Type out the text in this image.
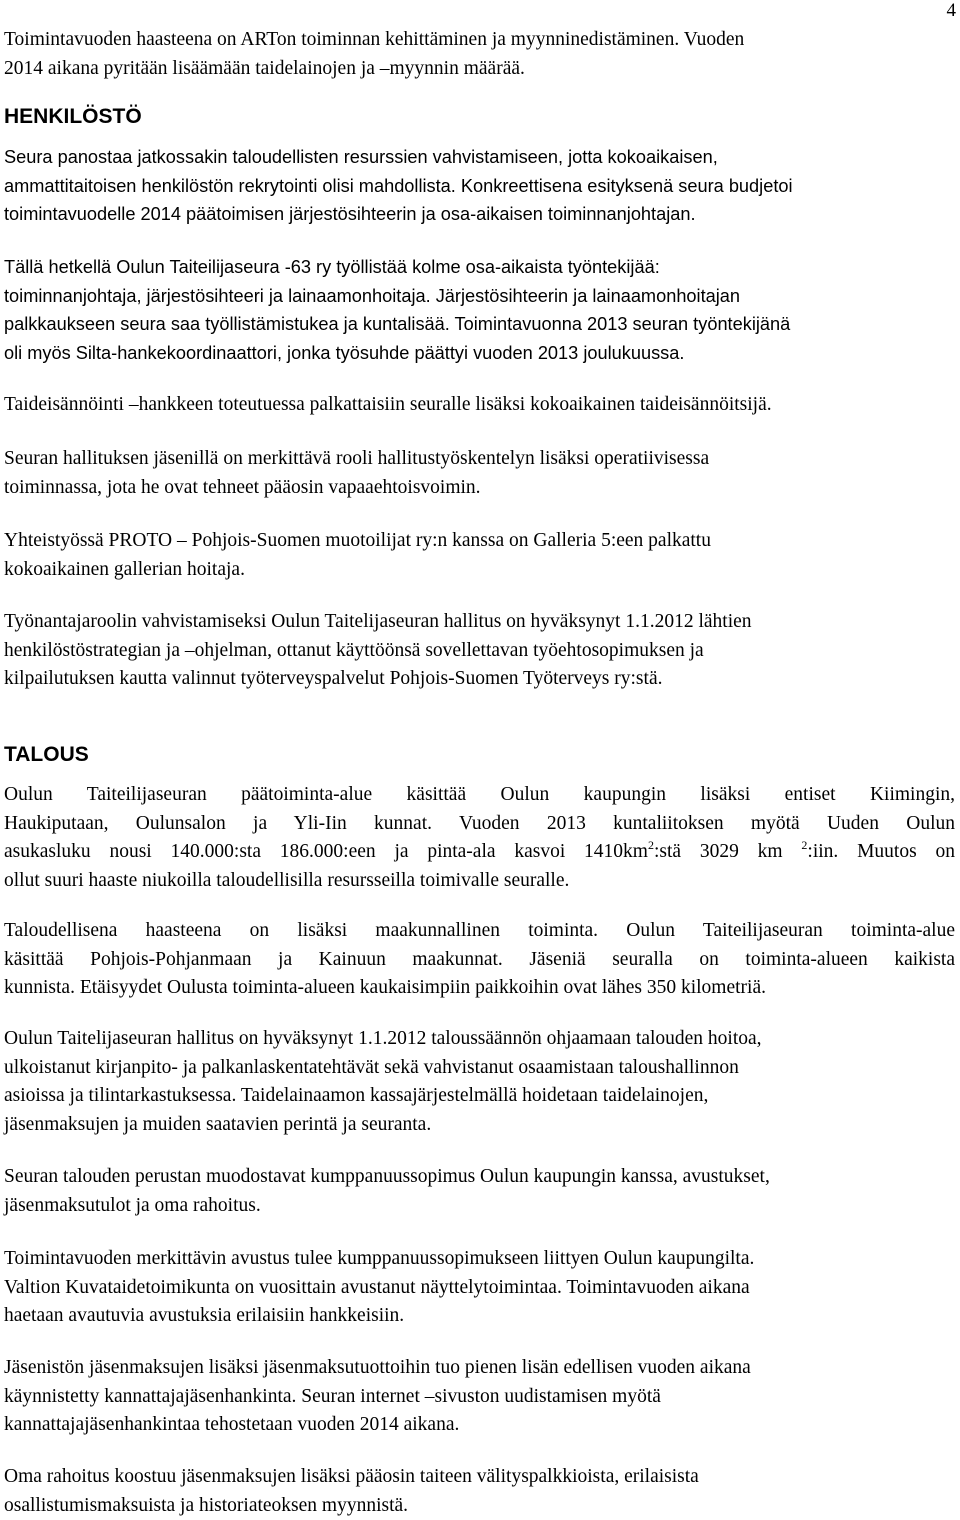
4
Toimintavuoden haasteena on ARTon toiminnan kehittäminen ja myynninedistäminen. Vuoden
2014 aikana pyritään lisäämään taidelainojen ja –myynnin määrää.
HENKILÖSTÖ
Seura panostaa jatkossakin taloudellisten resurssien vahvistamiseen, jotta kokoaikaisen,
ammattitaitoisen henkilöstön rekrytointi olisi mahdollista. Konkreettisena esityksenä seura budjetoi
toimintavuodelle 2014 päätoimisen järjestösihteerin ja osa-aikaisen toiminnanjohtajan.
Tällä hetkellä Oulun Taiteilijaseura -63 ry työllistää kolme osa-aikaista työntekijää:
toiminnanjohtaja, järjestösihteeri ja lainaamonhoitaja. Järjestösihteerin ja lainaamonhoitajan
palkkaukseen seura saa työllistämistukea ja kuntalisää. Toimintavuonna 2013 seuran työntekijänä
oli myös Silta-hankekoordinaattori, jonka työsuhde päättyi vuoden 2013 joulukuussa.
Taideisännöinti –hankkeen toteutuessa palkattaisiin seuralle lisäksi kokoaikainen taideisännöitsijä.
Seuran hallituksen jäsenillä on merkittävä rooli hallitustyöskentelyn lisäksi operatiivisessa
toiminnassa, jota he ovat tehneet pääosin vapaaehtoisvoimin.
Yhteistyössä PROTO – Pohjois-Suomen muotoilijat ry:n kanssa on Galleria 5:een palkattu
kokoaikainen gallerian hoitaja.
Työnantajaroolin vahvistamiseksi Oulun Taitelijaseuran hallitus on hyväksynyt 1.1.2012 lähtien
henkilöstöstrategian ja –ohjelman, ottanut käyttöönsä sovellettavan työehtosopimuksen ja
kilpailutuksen kautta valinnut työterveyspalvelut Pohjois-Suomen Työterveys ry:stä.
TALOUS
Oulun Taiteilijaseuran päätoiminta-alue käsittää Oulun kaupungin lisäksi entiset Kiimingin,
Haukiputaan, Oulunsalon ja Yli-Iin kunnat. Vuoden 2013 kuntaliitoksen myötä Uuden Oulun
asukasluku nousi 140.000:sta 186.000:een ja pinta-ala kasvoi $1410km^2:stä$ 3029 km $^2$:iin. Muutos on
ollut suuri haaste niukoilla taloudellisilla resursseilla toimivalle seuralle.
Taloudellisena haasteena on lisäksi maakunnallinen toiminta. Oulun Taiteilijaseuran toiminta-alue
käsittää Pohjois-Pohjanmaan ja Kainuun maakunnat. Jäseniä seuralla on toiminta-alueen kaikista
kunnista. Etäisyydet Oulusta toiminta-alueen kaukaisimpiin paikkoihin ovat lähes 350 kilometriä.
Oulun Taitelijaseuran hallitus on hyväksynyt 1.1.2012 taloussäännön ohjaamaan talouden hoitoa,
ulkoistanut kirjanpito- ja palkanlaskentatehtävät sekä vahvistanut osaamistaan taloushallinnon
asioissa ja tilintarkastuksessa. Taidelainaamon kassajärjestelmällä hoidetaan taidelainojen,
jäsenmaksujen ja muiden saatavien perintä ja seuranta.
Seuran talouden perustan muodostavat kumppanuussopimus Oulun kaupungin kanssa, avustukset,
jäsenmaksutulot ja oma rahoitus.
Toimintavuoden merkittävin avustus tulee kumppanuussopimukseen liittyen Oulun kaupungilta.
Valtion Kuvataidetoimikunta on vuosittain avustanut näyttelytoimintaa. Toimintavuoden aikana
haetaan avautuvia avustuksia erilaisiin hankkeisiin.
Jäsenistön jäsenmaksujen lisäksi jäsenmaksutuottoihin tuo pienen lisän edellisen vuoden aikana
käynnistetty kannattajajäsenhankinta. Seuran internet –sivuston uudistamisen myötä
kannattajajäsenhankintaa tehostetaan vuoden 2014 aikana.
Oma rahoitus koostuu jäsenmaksujen lisäksi pääosin taiteen välityspalkkioista, erilaisista
osallistumismaksuista ja historiateoksen myynnistä.
